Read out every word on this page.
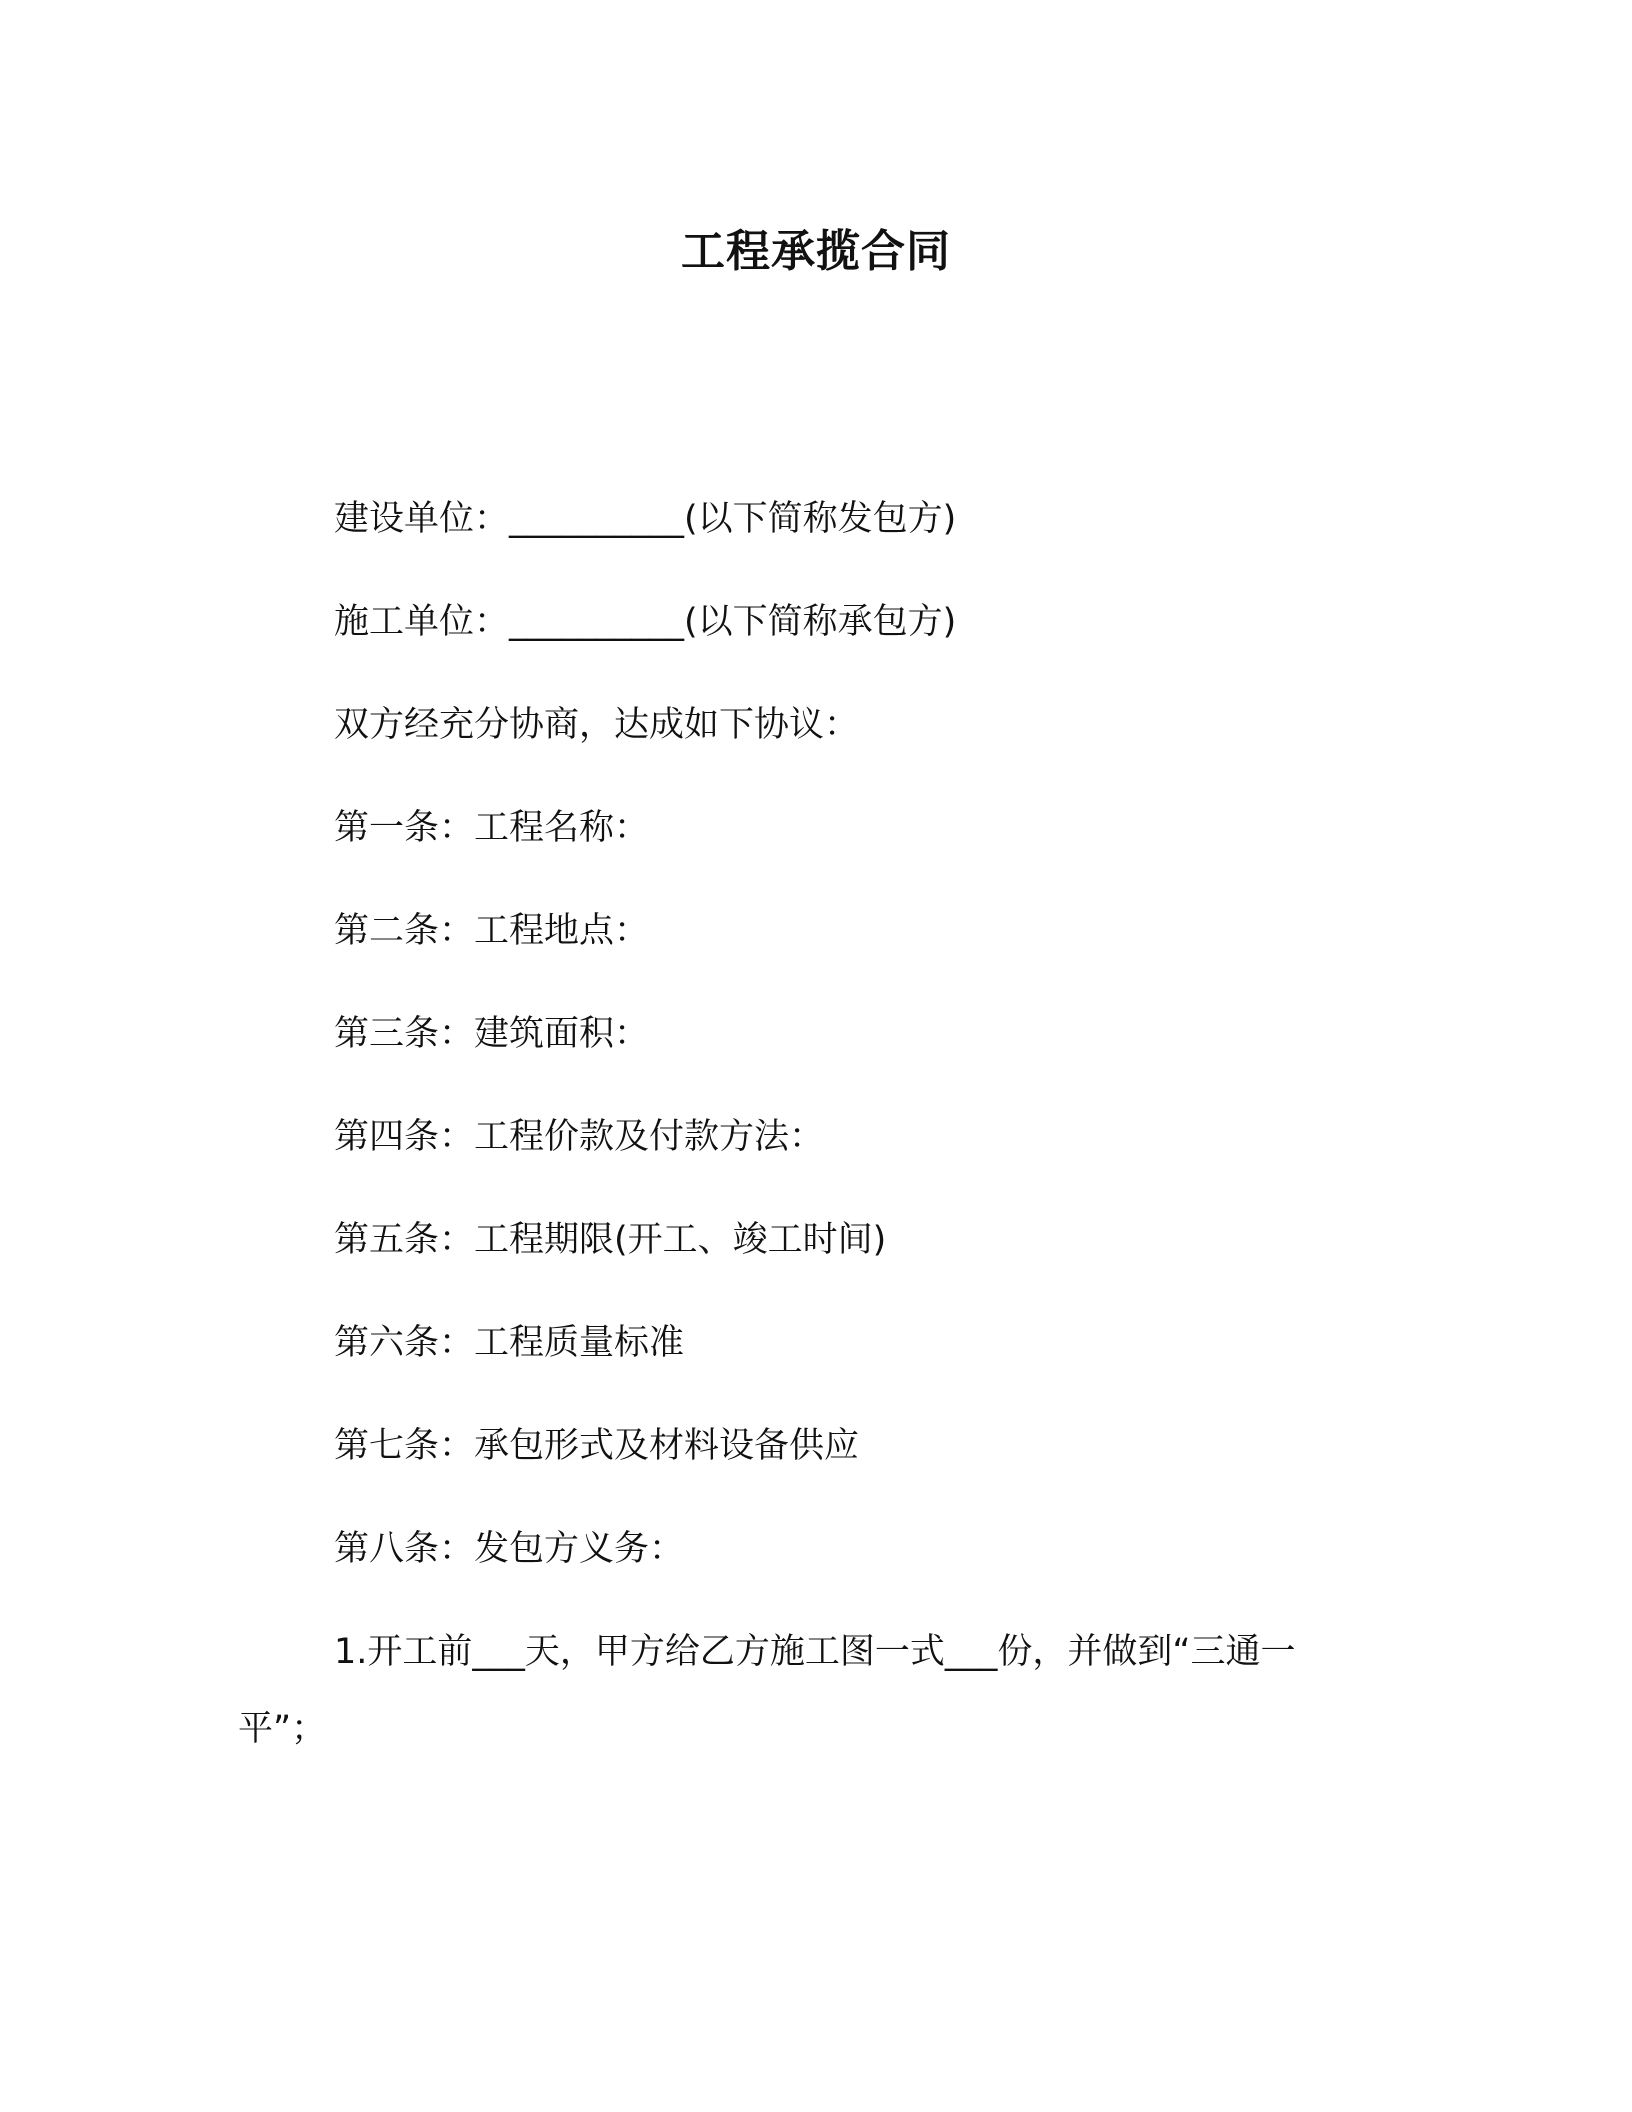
工程承揽合同
建设单位：__________(以下简称发包方)
施工单位：__________(以下简称承包方)
双方经充分协商，达成如下协议：
第一条：工程名称：
第二条：工程地点：
第三条：建筑面积：
第四条：工程价款及付款方法：
第五条：工程期限(开工、竣工时间)
第六条：工程质量标准
第七条：承包形式及材料设备供应
第八条：发包方义务：
1.开工前___天，甲方给乙方施工图一式___份，并做到“三通一
平”；
